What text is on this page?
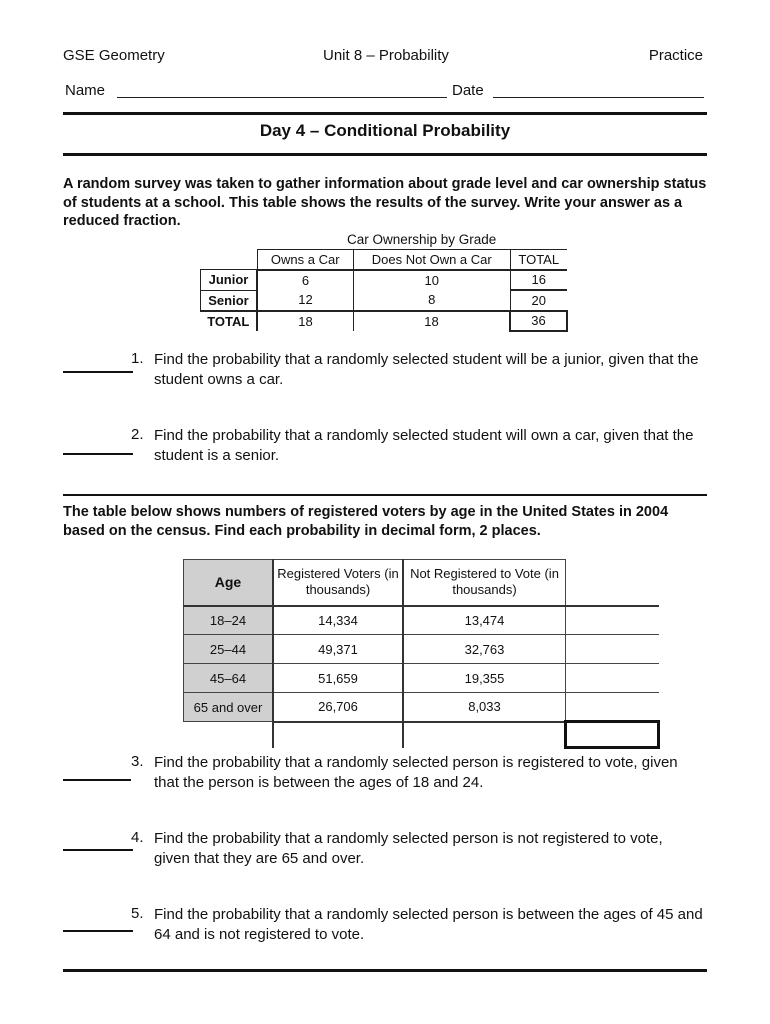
GSE Geometry	Unit 8 – Probability	Practice
Name	Date
Day 4 – Conditional Probability
A random survey was taken to gather information about grade level and car ownership status of students at a school. This table shows the results of the survey. Write your answer as a reduced fraction.
Car Ownership by Grade
	Owns a Car	Does Not Own a Car	TOTAL
Junior	6	10	16
Senior	12	8	20
TOTAL	18	18	36
1. Find the probability that a randomly selected student will be a junior, given that the student owns a car.
2. Find the probability that a randomly selected student will own a car, given that the student is a senior.
The table below shows numbers of registered voters by age in the United States in 2004 based on the census. Find each probability in decimal form, 2 places.
Age	Registered Voters (in thousands)	Not Registered to Vote (in thousands)	
18–24	14,334	13,474	
25–44	49,371	32,763	
45–64	51,659	19,355	
65 and over	26,706	8,033	

3. Find the probability that a randomly selected person is registered to vote, given that the person is between the ages of 18 and 24.
4. Find the probability that a randomly selected person is not registered to vote, given that they are 65 and over.
5. Find the probability that a randomly selected person is between the ages of 45 and 64 and is not registered to vote.
